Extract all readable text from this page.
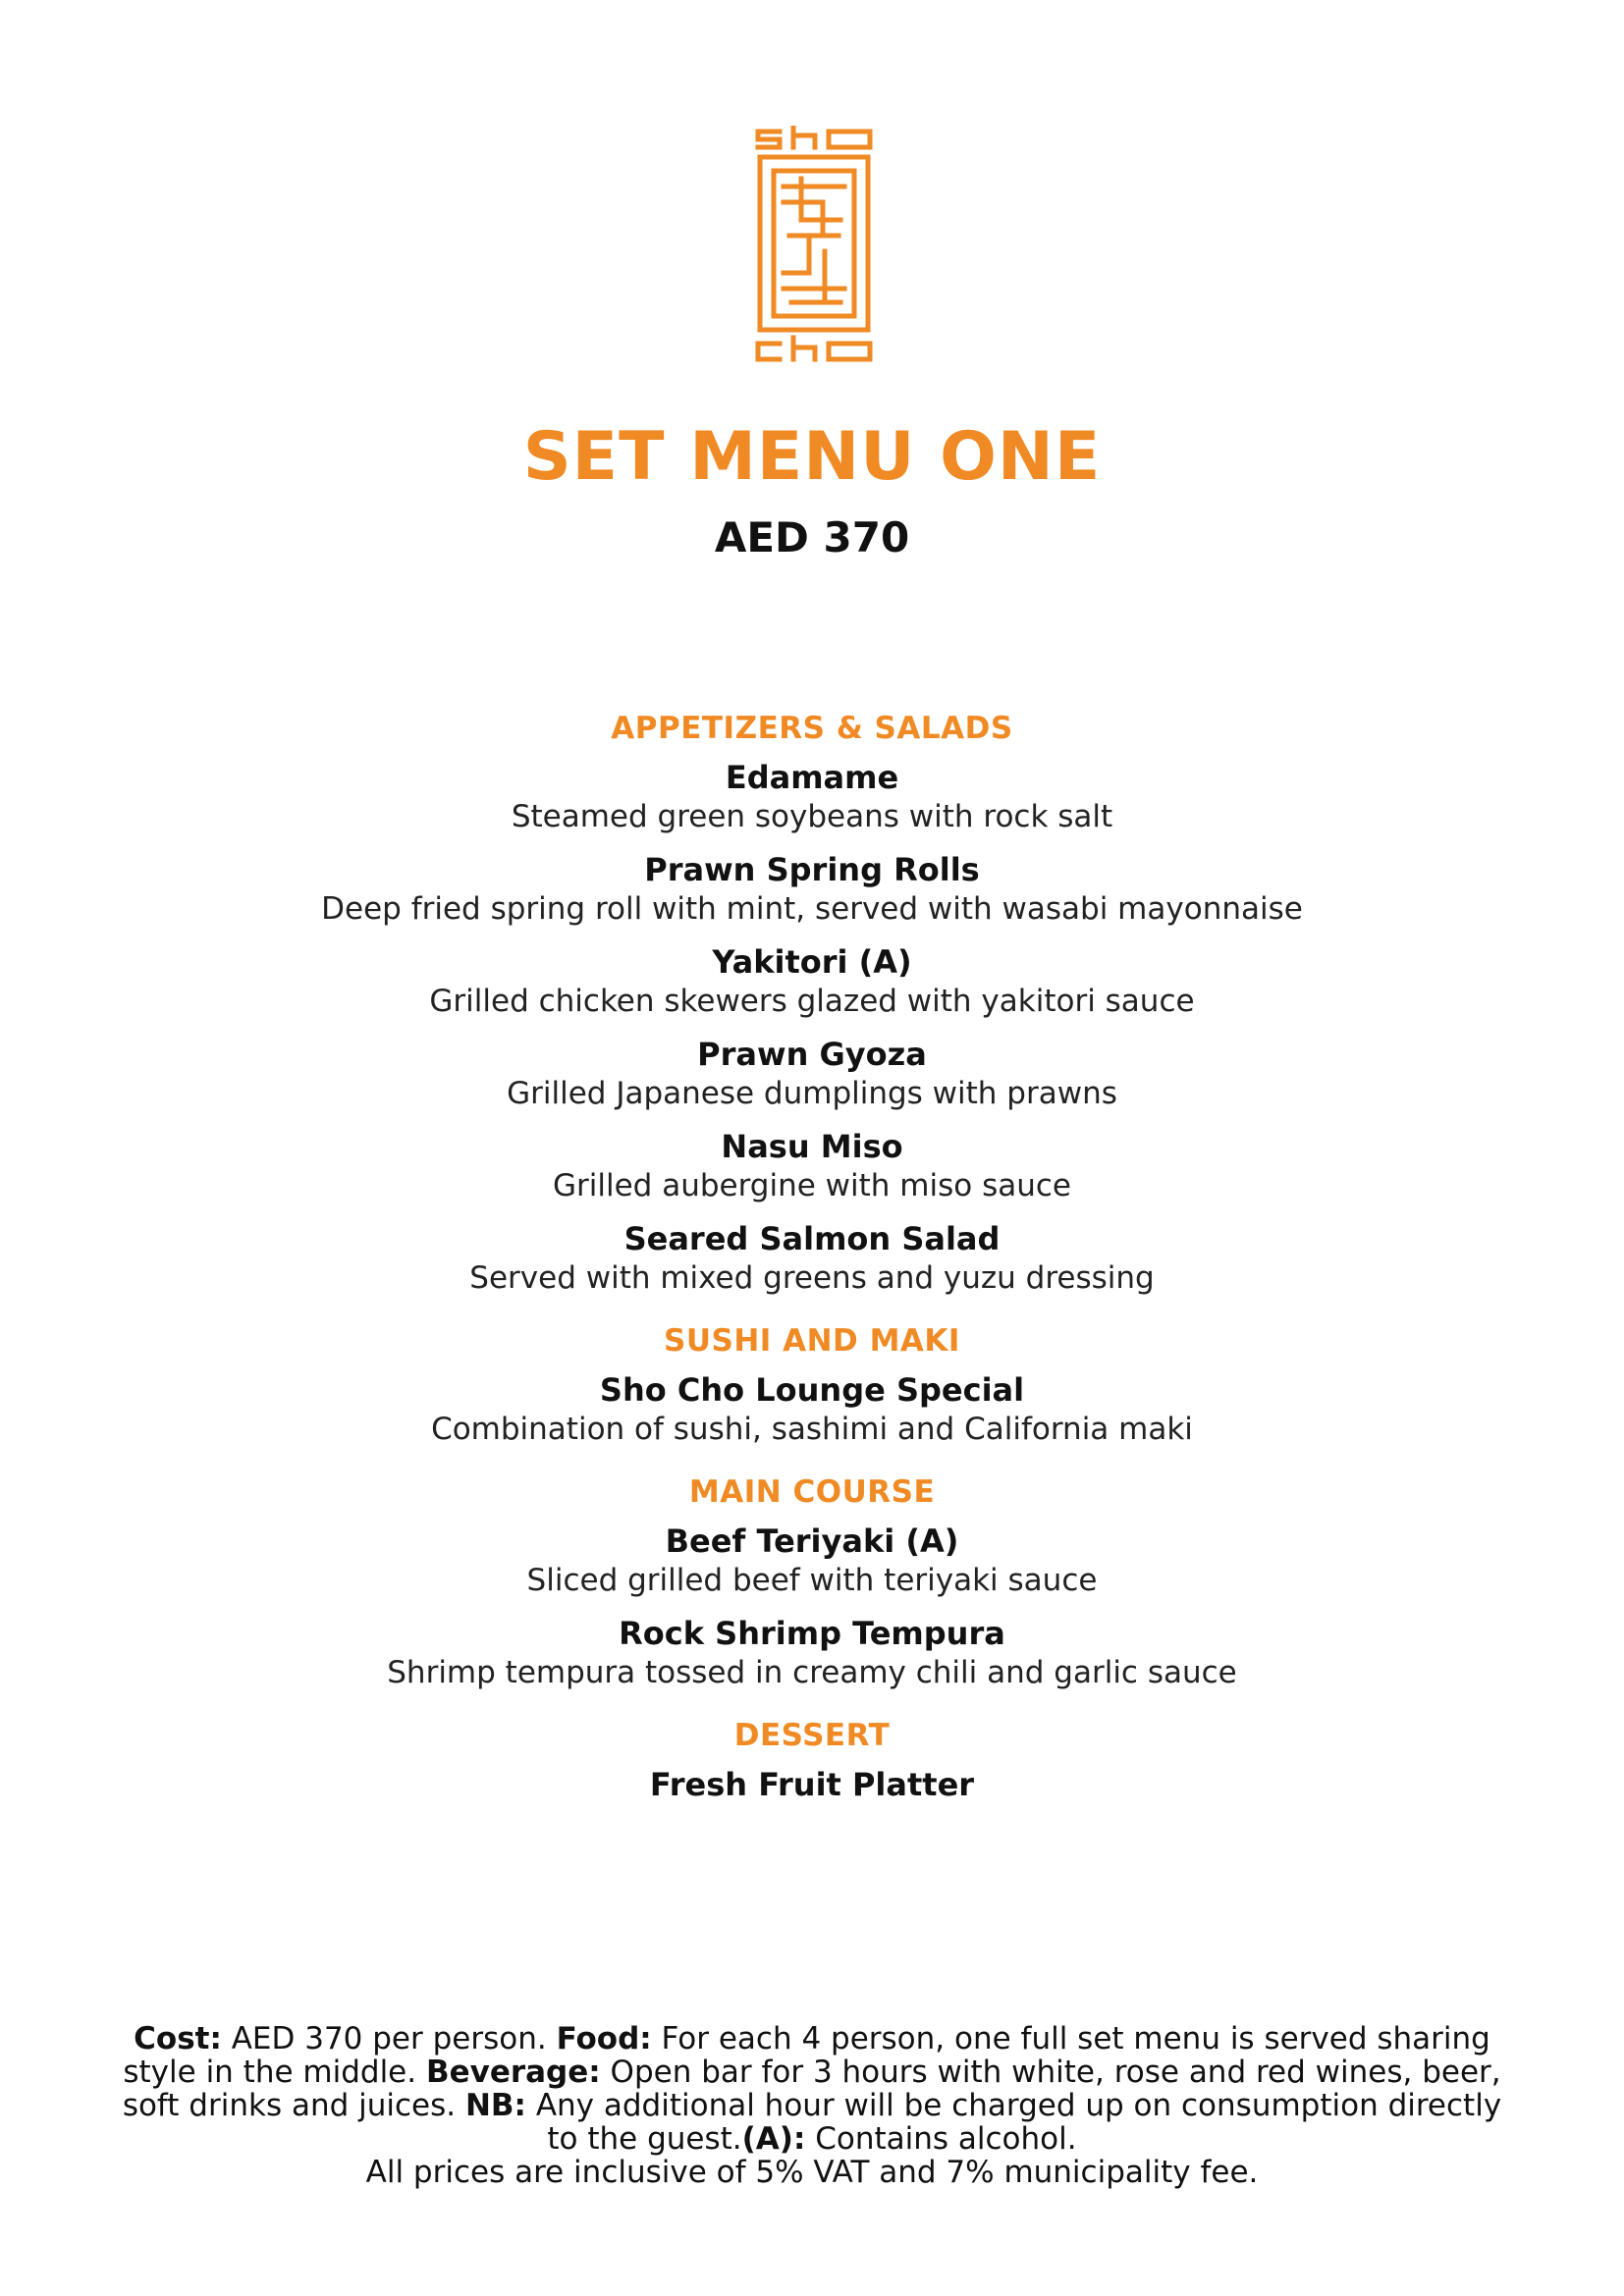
SET MENU ONE
AED 370
APPETIZERS & SALADS
Edamame
Steamed green soybeans with rock salt
Prawn Spring Rolls
Deep fried spring roll with mint, served with wasabi mayonnaise
Yakitori (A)
Grilled chicken skewers glazed with yakitori sauce
Prawn Gyoza
Grilled Japanese dumplings with prawns
Nasu Miso
Grilled aubergine with miso sauce
Seared Salmon Salad
Served with mixed greens and yuzu dressing
SUSHI AND MAKI
Sho Cho Lounge Special
Combination of sushi, sashimi and California maki
MAIN COURSE
Beef Teriyaki (A)
Sliced grilled beef with teriyaki sauce
Rock Shrimp Tempura
Shrimp tempura tossed in creamy chili and garlic sauce
DESSERT
Fresh Fruit Platter
Cost: AED 370 per person. Food: For each 4 person, one full set menu is served sharing style in the middle. Beverage: Open bar for 3 hours with white, rose and red wines, beer, soft drinks and juices. NB: Any additional hour will be charged up on consumption directly to the guest.(A): Contains alcohol.
All prices are inclusive of 5% VAT and 7% municipality fee.
